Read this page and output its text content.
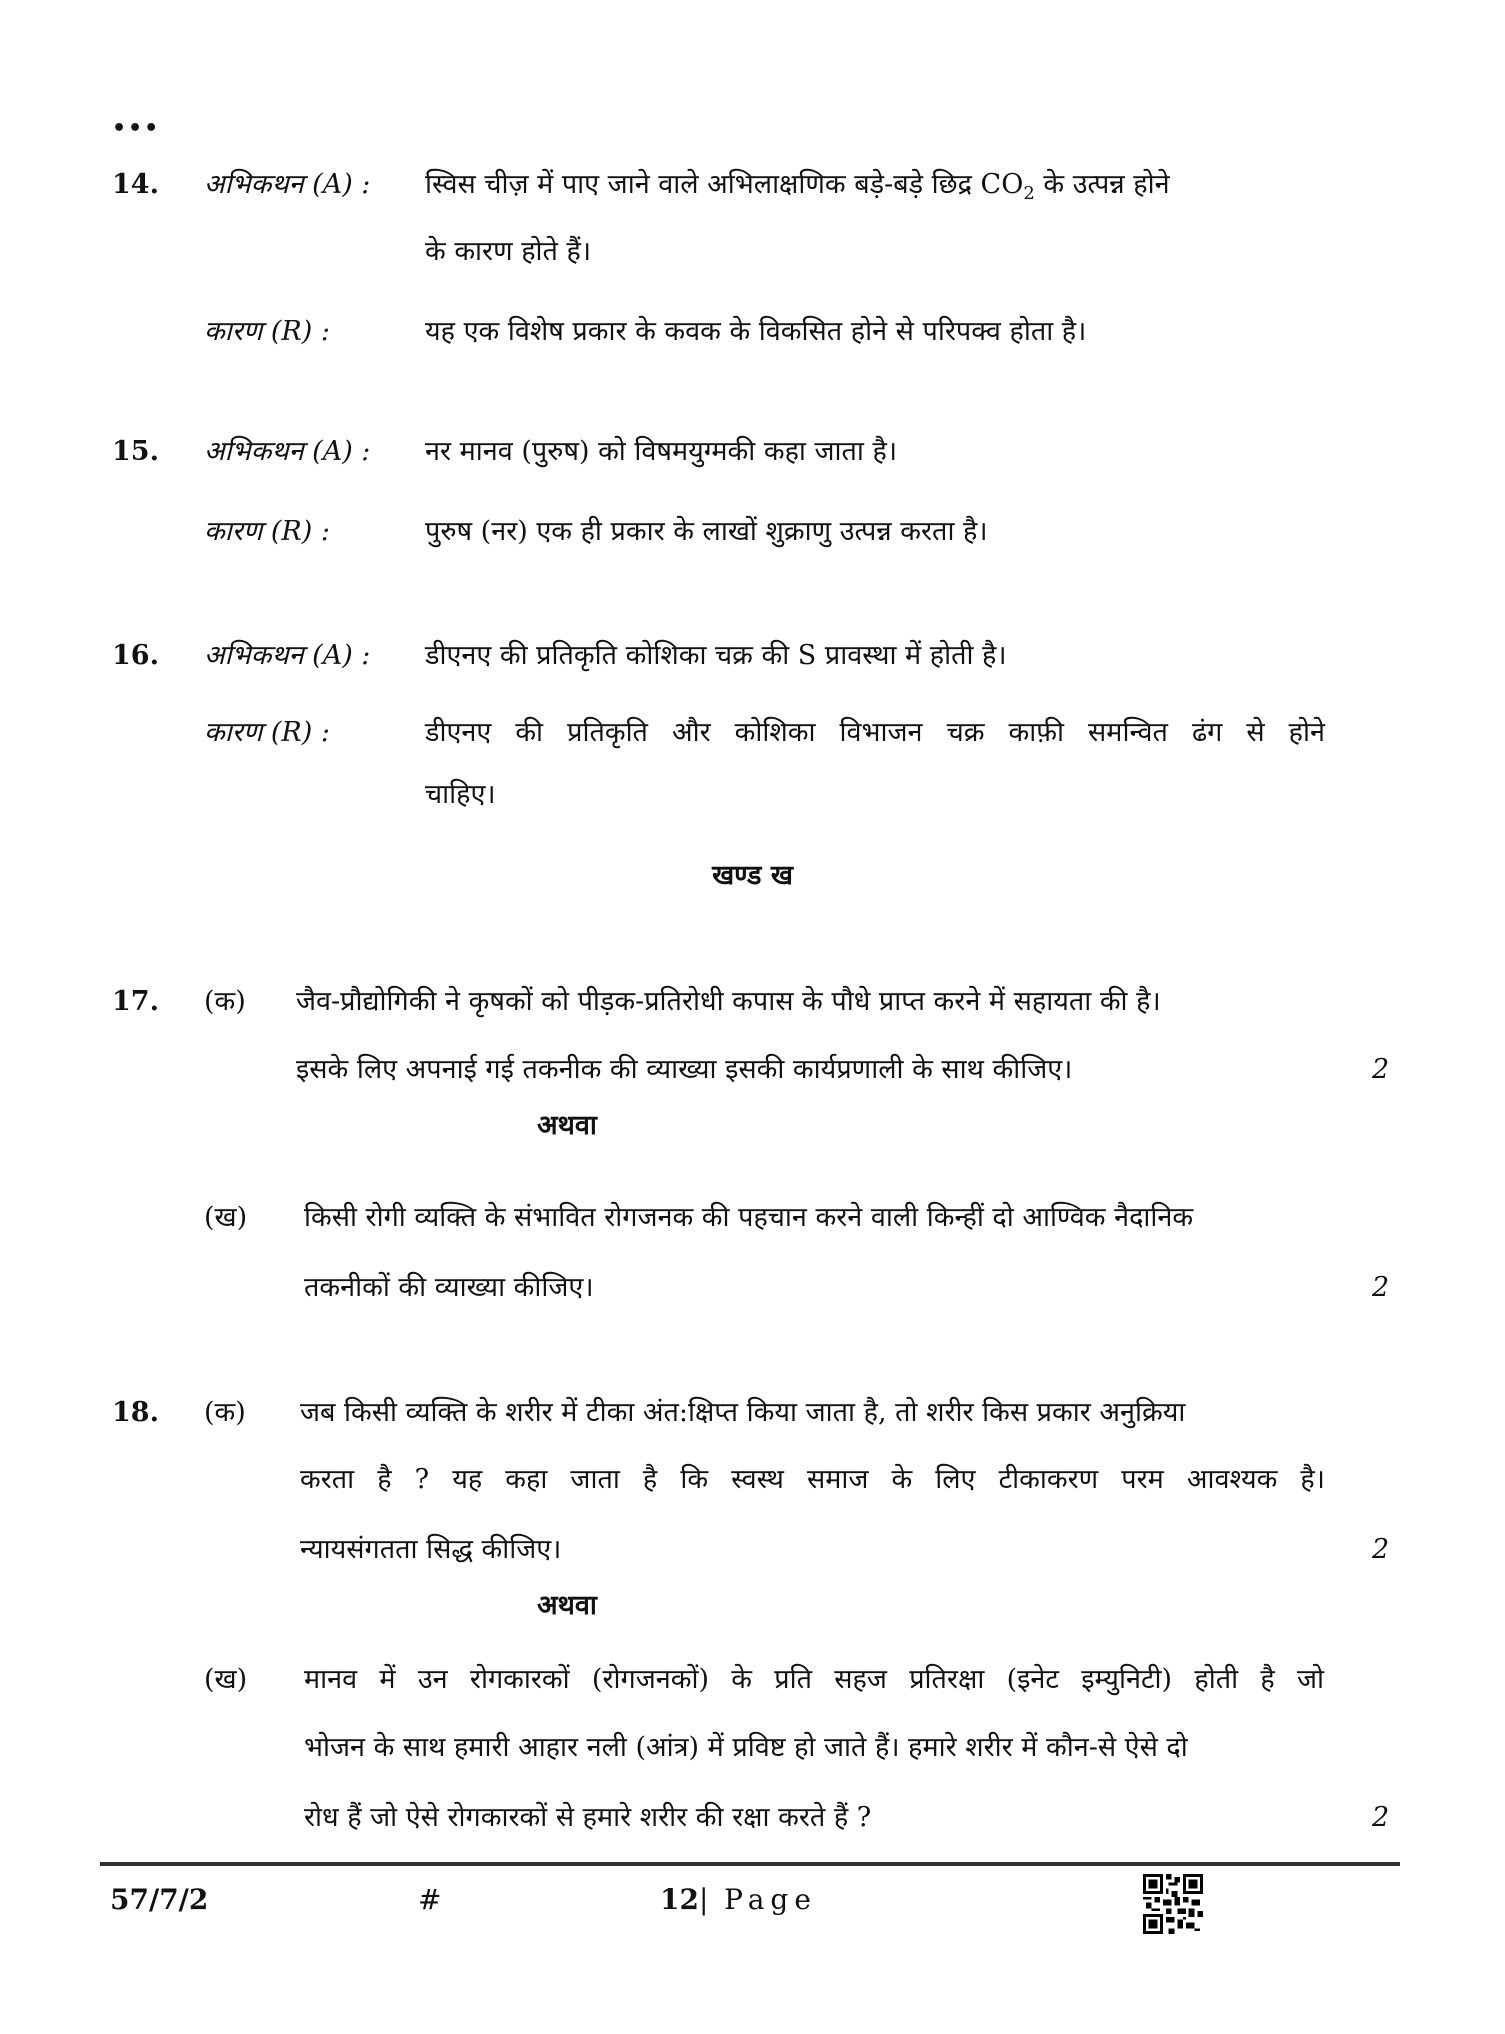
•••
14. अभिकथन (A) : स्विस चीज़ में पाए जाने वाले अभिलाक्षणिक बड़े-बड़े छिद्र $CO_2$ के उत्पन्न होने
के कारण होते हैं।
कारण (R) :	यह एक विशेष प्रकार के कवक के विकसित होने से परिपक्व होता है।
15. अभिकथन (A) : नर मानव (पुरुष) को विषमयुग्मकी कहा जाता है।
कारण (R) :	पुरुष (नर) एक ही प्रकार के लाखों शुक्राणु उत्पन्न करता है।
16. अभिकथन (A) : डीएनए की प्रतिकृति कोशिका चक्र की S प्रावस्था में होती है।
कारण (R) :	डीएनए की प्रतिकृति और कोशिका विभाजन चक्र काफ़ी समन्वित ढंग से होने
चाहिए।
खण्ड ख
17. (क) जैव-प्रौद्योगिकी ने कृषकों को पीड़क-प्रतिरोधी कपास के पौधे प्राप्त करने में सहायता की है।
इसके लिए अपनाई गई तकनीक की व्याख्या इसकी कार्यप्रणाली के साथ कीजिए।	2
अथवा
(ख) किसी रोगी व्यक्ति के संभावित रोगजनक की पहचान करने वाली किन्हीं दो आण्विक नैदानिक
तकनीकों की व्याख्या कीजिए।	2
18. (क) जब किसी व्यक्ति के शरीर में टीका अंत:क्षिप्त किया जाता है, तो शरीर किस प्रकार अनुक्रिया
करता है ? यह कहा जाता है कि स्वस्थ समाज के लिए टीकाकरण परम आवश्यक है।
न्यायसंगतता सिद्ध कीजिए।	2
अथवा
(ख) मानव में उन रोगकारकों (रोगजनकों) के प्रति सहज प्रतिरक्षा (इनेट इम्युनिटी) होती है जो
भोजन के साथ हमारी आहार नली (आंत्र) में प्रविष्ट हो जाते हैं। हमारे शरीर में कौन-से ऐसे दो
रोध हैं जो ऐसे रोगकारकों से हमारे शरीर की रक्षा करते हैं ?	2
57/7/2	#	12| Page
